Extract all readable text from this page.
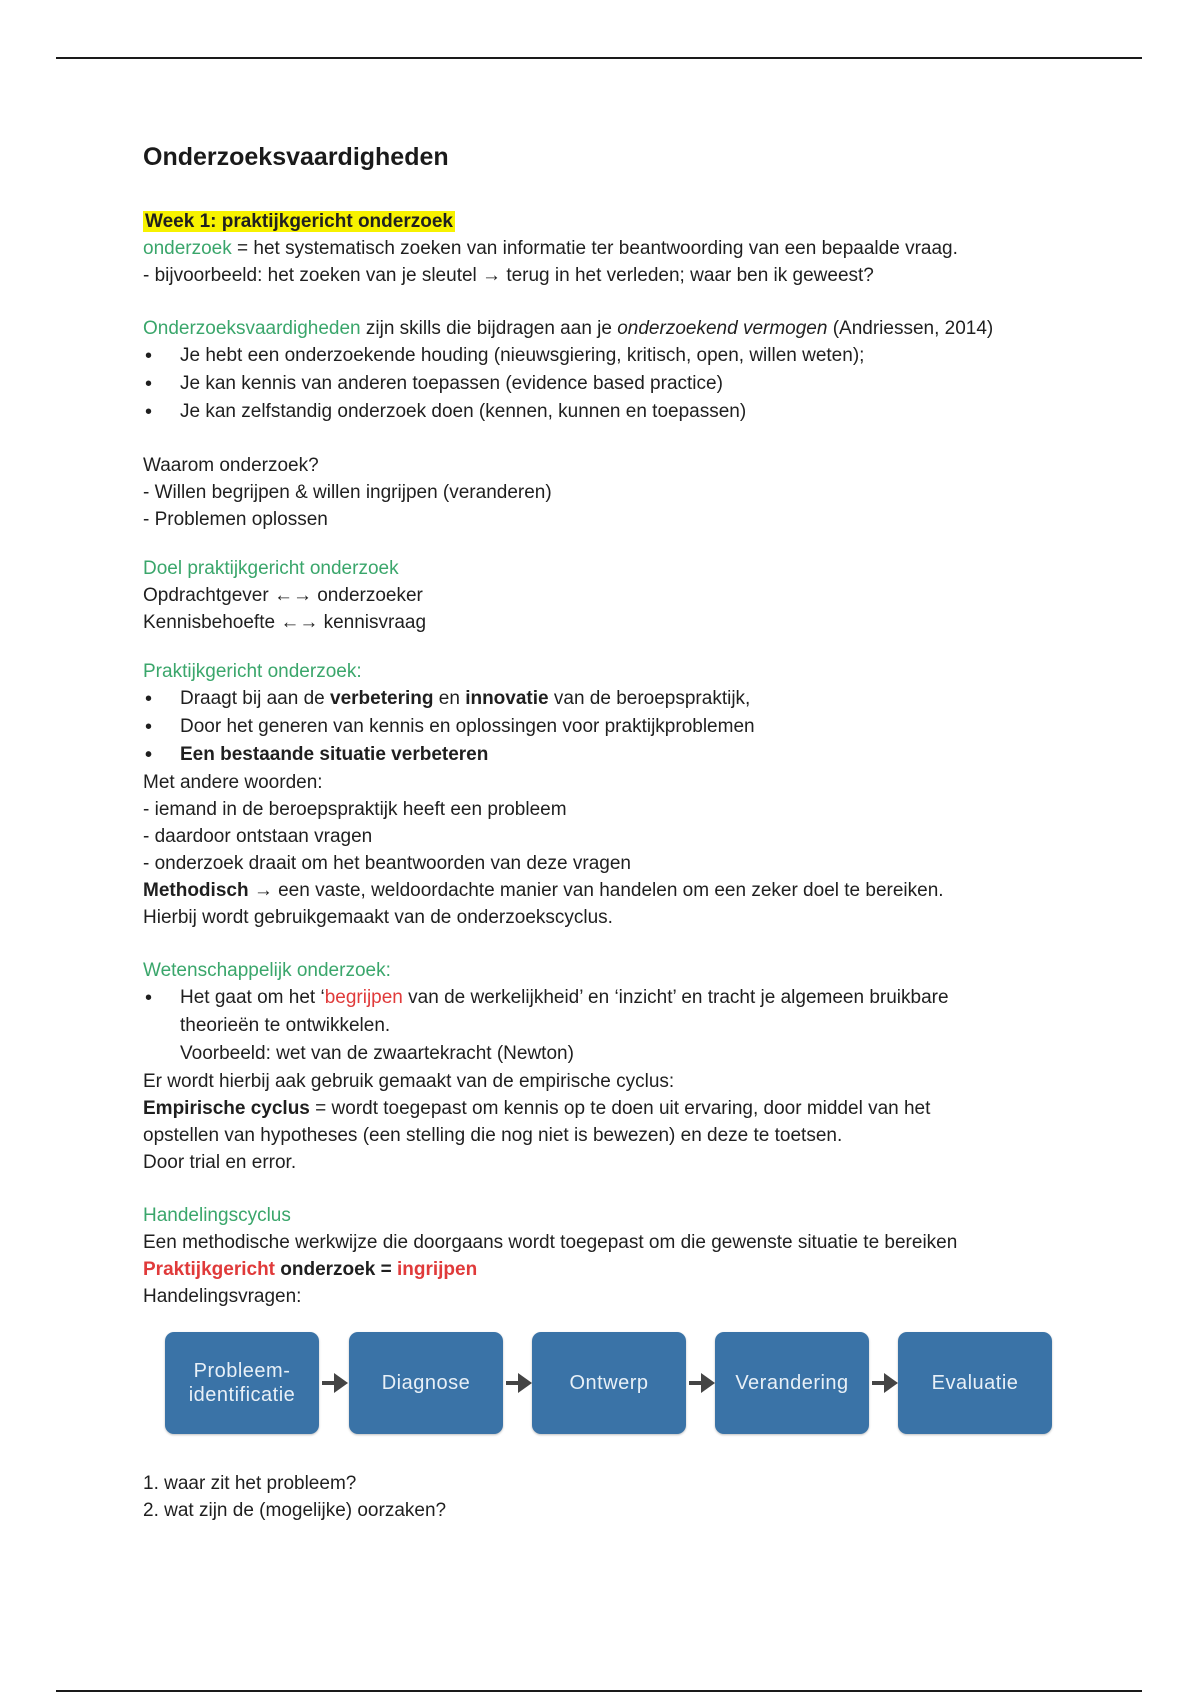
Onderzoeksvaardigheden

Week 1: praktijkgericht onderzoek

onderzoek = het systematisch zoeken van informatie ter beantwoording van een bepaalde vraag.

- bijvoorbeeld: het zoeken van je sleutel → terug in het verleden; waar ben ik geweest?

Onderzoeksvaardigheden zijn skills die bijdragen aan je onderzoekend vermogen (Andriessen, 2014)

• Je hebt een onderzoekende houding (nieuwsgiering, kritisch, open, willen weten);
• Je kan kennis van anderen toepassen (evidence based practice)
• Je kan zelfstandig onderzoek doen (kennen, kunnen en toepassen)

Waarom onderzoek?

- Willen begrijpen & willen ingrijpen (veranderen)

- Problemen oplossen

Doel praktijkgericht onderzoek

Opdrachtgever ←→ onderzoeker

Kennisbehoefte ←→ kennisvraag

Praktijkgericht onderzoek:

• Draagt bij aan de verbetering en innovatie van de beroepspraktijk,
• Door het generen van kennis en oplossingen voor praktijkproblemen
• Een bestaande situatie verbeteren

Met andere woorden:

- iemand in de beroepspraktijk heeft een probleem

- daardoor ontstaan vragen

- onderzoek draait om het beantwoorden van deze vragen

Methodisch → een vaste, weldoordachte manier van handelen om een zeker doel te bereiken.

Hierbij wordt gebruikgemaakt van de onderzoekscyclus.

Wetenschappelijk onderzoek:

• Het gaat om het ‘begrijpen van de werkelijkheid’ en ‘inzicht’ en tracht je algemeen bruikbare
theorieën te ontwikkelen.
Voorbeeld: wet van de zwaartekracht (Newton)

Er wordt hierbij aak gebruik gemaakt van de empirische cyclus:

Empirische cyclus = wordt toegepast om kennis op te doen uit ervaring, door middel van het

opstellen van hypotheses (een stelling die nog niet is bewezen) en deze te toetsen.

Door trial en error.

Handelingscyclus

Een methodische werkwijze die doorgaans wordt toegepast om die gewenste situatie te bereiken

Praktijkgericht onderzoek = ingrijpen

Handelingsvragen:

Probleem-
identificatie
Diagnose	Ontwerp	Verandering	Evaluatie

1. waar zit het probleem?

2. wat zijn de (mogelijke) oorzaken?
